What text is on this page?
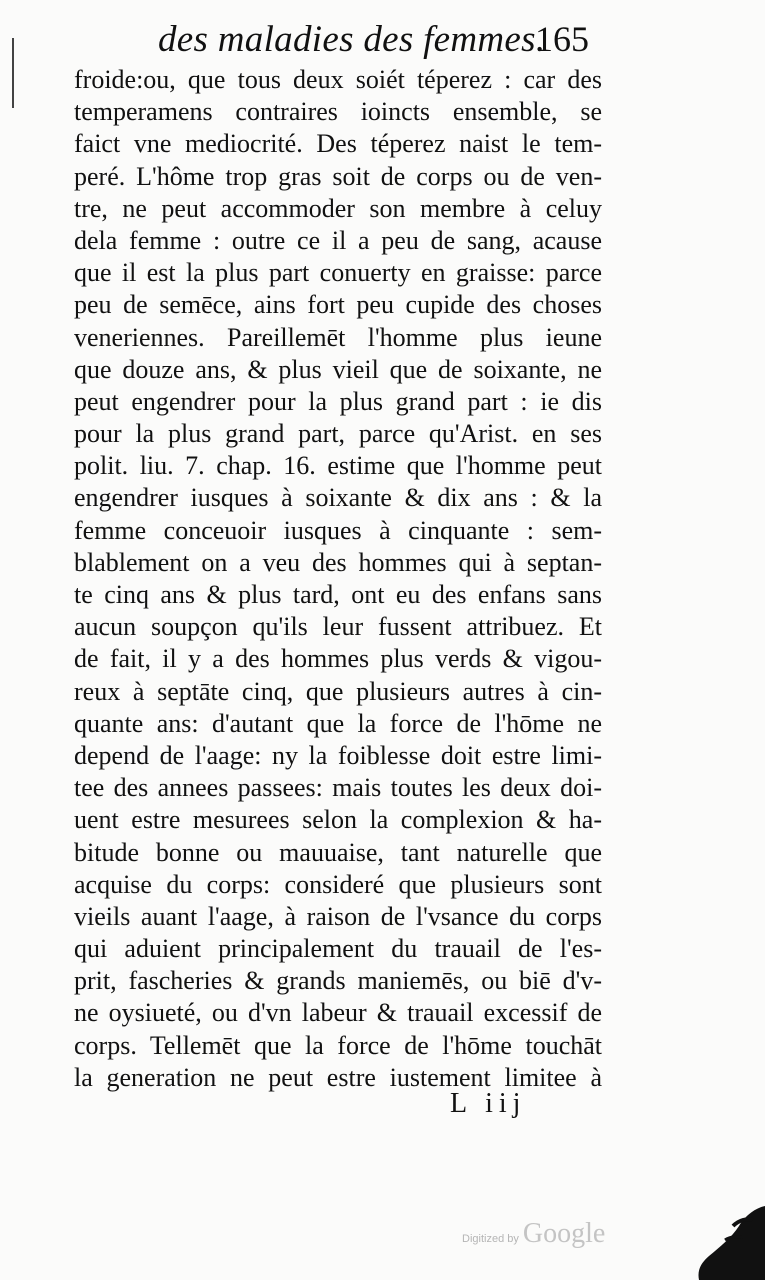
des maladies des femmes.
165
froide:ou, que tous deux soiét téperez : car des
temperamens contraires ioincts ensemble, se
faict vne mediocrité. Des téperez naist le tem-
peré. L'hôme trop gras soit de corps ou de ven-
tre, ne peut accommoder son membre à celuy
dela femme : outre ce il a peu de sang, acause
que il est la plus part conuerty en graisse: parce
peu de semēce, ains fort peu cupide des choses
veneriennes. Pareillemēt l'homme plus ieune
que douze ans, & plus vieil que de soixante, ne
peut engendrer pour la plus grand part : ie dis
pour la plus grand part, parce qu'Arist. en ses
polit. liu. 7. chap. 16. estime que l'homme peut
engendrer iusques à soixante & dix ans : & la
femme conceuoir iusques à cinquante : sem-
blablement on a veu des hommes qui à septan-
te cinq ans & plus tard, ont eu des enfans sans
aucun soupçon qu'ils leur fussent attribuez. Et
de fait, il y a des hommes plus verds & vigou-
reux à septāte cinq, que plusieurs autres à cin-
quante ans: d'autant que la force de l'hōme ne
depend de l'aage: ny la foiblesse doit estre limi-
tee des annees passees: mais toutes les deux doi-
uent estre mesurees selon la complexion & ha-
bitude bonne ou mauuaise, tant naturelle que
acquise du corps: consideré que plusieurs sont
vieils auant l'aage, à raison de l'vsance du corps
qui aduient principalement du trauail de l'es-
prit, fascheries & grands maniemēs, ou biē d'v-
ne oysiueté, ou d'vn labeur & trauail excessif de
corps. Tellemēt que la force de l'hōme touchāt
la generation ne peut estre iustement limitee à
L iij
Digitized by Google
